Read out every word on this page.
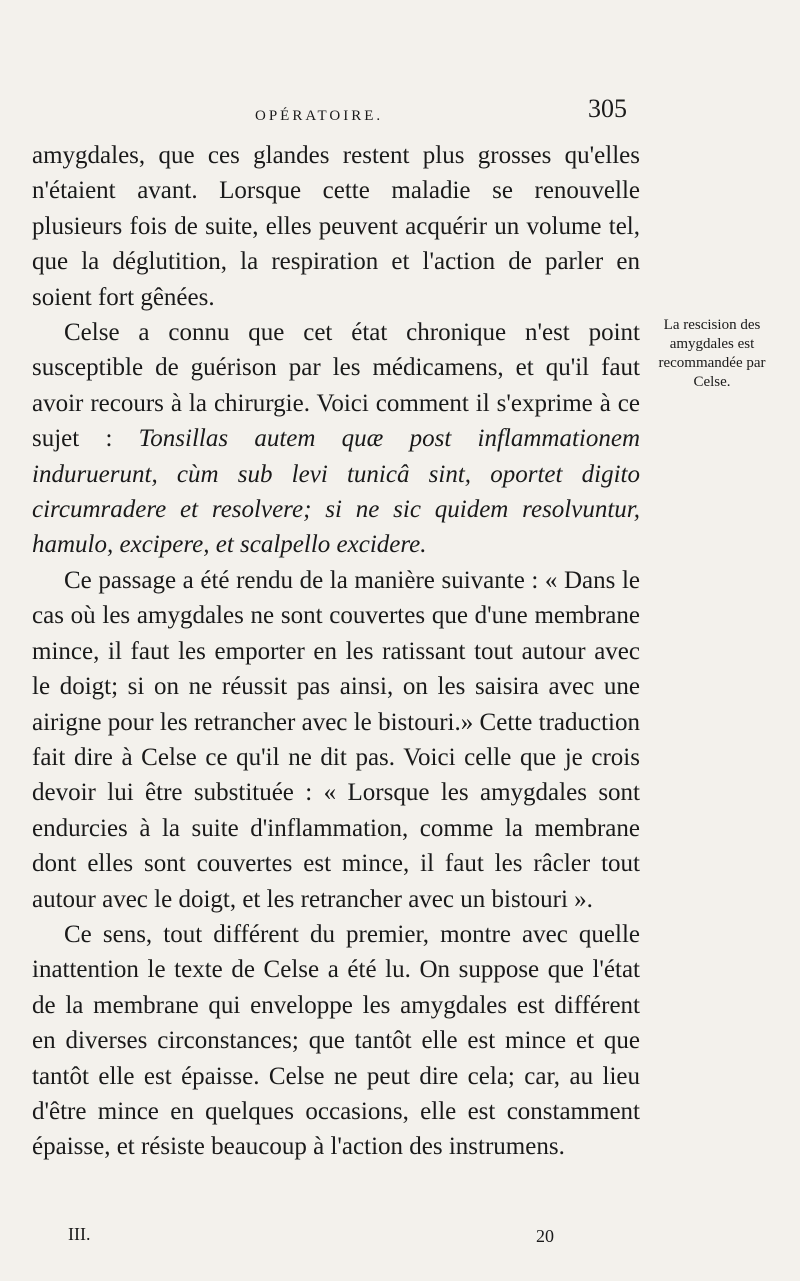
OPÉRATOIRE.	305

amygdales, que ces glandes restent plus grosses qu'elles n'étaient avant. Lorsque cette maladie se renouvelle plusieurs fois de suite, elles peuvent acquérir un volume tel, que la déglutition, la respiration et l'action de parler en soient fort gênées.

Celse a connu que cet état chronique n'est point susceptible de guérison par les médicamens, et qu'il faut avoir recours à la chirurgie. Voici comment il s'exprime à ce sujet : Tonsillas autem quæ post inflammationem induruerunt, cùm sub levi tunicâ sint, oportet digito circumradere et resolvere; si ne sic quidem resolvuntur, hamulo, excipere, et scalpello excidere.

Ce passage a été rendu de la manière suivante : « Dans le cas où les amygdales ne sont couvertes que d'une membrane mince, il faut les emporter en les ratissant tout autour avec le doigt; si on ne réussit pas ainsi, on les saisira avec une airigne pour les retrancher avec le bistouri.» Cette traduction fait dire à Celse ce qu'il ne dit pas. Voici celle que je crois devoir lui être substituée : « Lorsque les amygdales sont endurcies à la suite d'inflammation, comme la membrane dont elles sont couvertes est mince, il faut les râcler tout autour avec le doigt, et les retrancher avec un bistouri ».

Ce sens, tout différent du premier, montre avec quelle inattention le texte de Celse a été lu. On suppose que l'état de la membrane qui enveloppe les amygdales est différent en diverses circonstances; que tantôt elle est mince et que tantôt elle est épaisse. Celse ne peut dire cela; car, au lieu d'être mince en quelques occasions, elle est constamment épaisse, et résiste beaucoup à l'action des instrumens.

La rescision des amygdales est recommandée par Celse.
III.	20
